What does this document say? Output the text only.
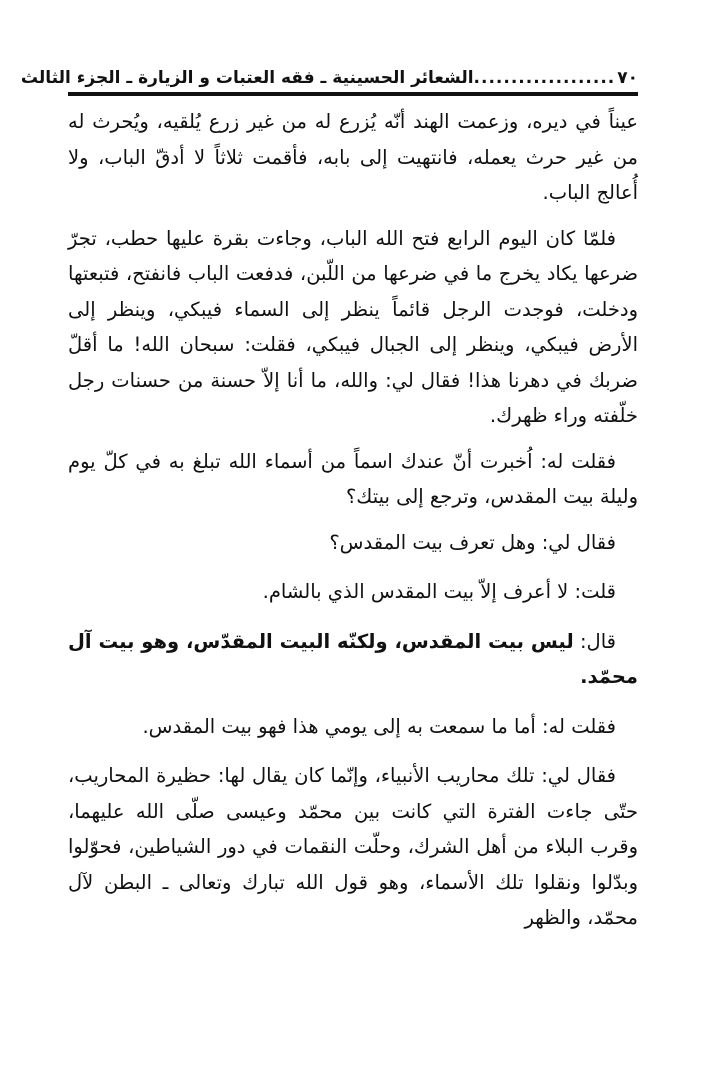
٧٠
...................
الشعائر الحسينية ـ فقه العتبات و الزيارة ـ الجزء الثالث

عيناً في ديره، وزعمت الهند أنّه يُزرع له من غير زرع يُلقيه، ويُحرث له من غير حرث يعمله، فانتهيت إلى بابه، فأقمت ثلاثاً لا أدقّ الباب، ولا أُعالج الباب.

فلمّا كان اليوم الرابع فتح الله الباب، وجاءت بقرة عليها حطب، تجرّ ضرعها يكاد يخرج ما في ضرعها من اللّبن، فدفعت الباب فانفتح، فتبعتها ودخلت، فوجدت الرجل قائماً ينظر إلى السماء فيبكي، وينظر إلى الأرض فيبكي، وينظر إلى الجبال فيبكي، فقلت: سبحان الله! ما أقلّ ضربك في دهرنا هذا! فقال لي: والله، ما أنا إلاّ حسنة من حسنات رجل خلّفته وراء ظهرك.

فقلت له: اُخبرت أنّ عندك اسماً من أسماء الله تبلغ به في كلّ يوم وليلة بيت المقدس، وترجع إلى بيتك؟

فقال لي: وهل تعرف بيت المقدس؟

قلت: لا أعرف إلاّ بيت المقدس الذي بالشام.

قال: ليس بيت المقدس، ولكنّه البيت المقدّس، وهو بيت آل محمّد.

فقلت له: أما ما سمعت به إلى يومي هذا فهو بيت المقدس.

فقال لي: تلك محاريب الأنبياء، وإنّما كان يقال لها: حظيرة المحاريب، حتّى جاءت الفترة التي كانت بين محمّد وعيسى صلّى الله عليهما، وقرب البلاء من أهل الشرك، وحلّت النقمات في دور الشياطين، فحوّلوا وبدّلوا ونقلوا تلك الأسماء، وهو قول الله تبارك وتعالى ـ البطن لآل محمّد، والظهر
